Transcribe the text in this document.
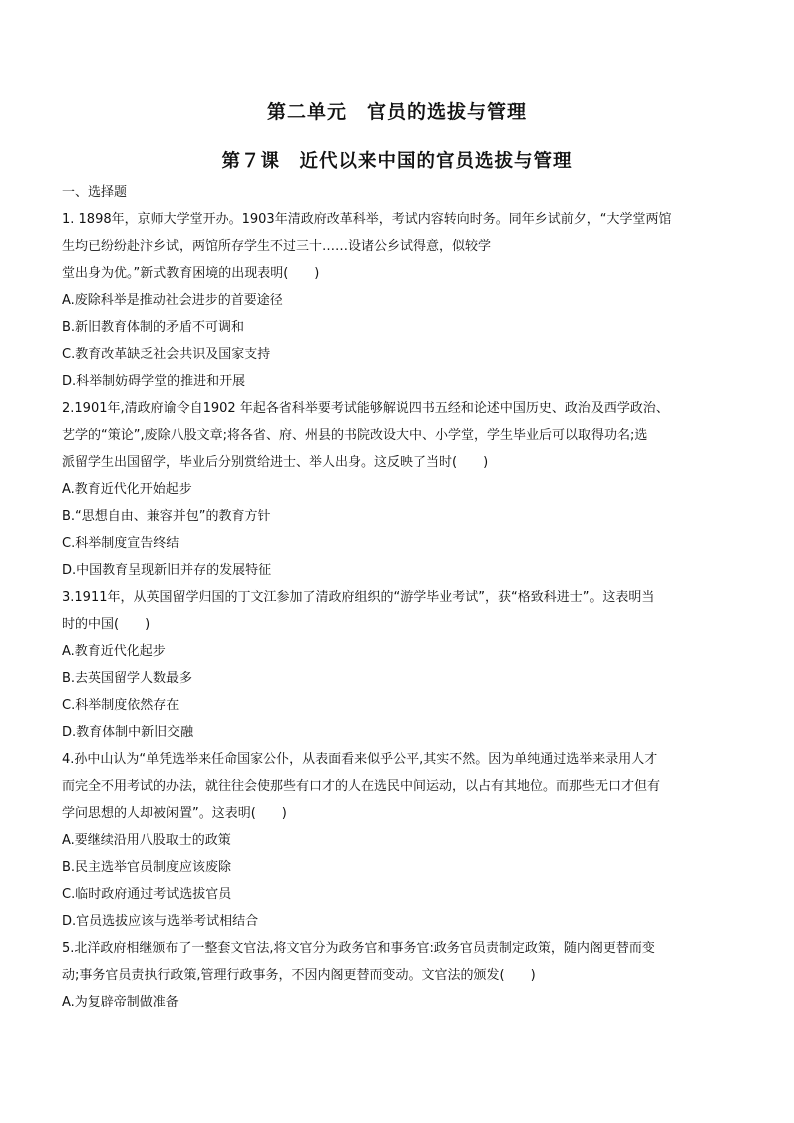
第二单元　官员的选拔与管理
第７课　近代以来中国的官员选拔与管理
一、选择题
1. 1898年，京师大学堂开办。1903年清政府改革科举，考试内容转向时务。同年乡试前夕，“大学堂两馆
生均已纷纷赴汴乡试，两馆所存学生不过三十……设诸公乡试得意，似较学
堂出身为优。”新式教育困境的出现表明(　　)
A.废除科举是推动社会进步的首要途径
B.新旧教育体制的矛盾不可调和
C.教育改革缺乏社会共识及国家支持
D.科举制妨碍学堂的推进和开展
2.1901年,清政府谕令自1902 年起各省科举要考试能够解说四书五经和论述中国历史、政治及西学政治、
艺学的“策论”,废除八股文章;将各省、府、州县的书院改设大中、小学堂，学生毕业后可以取得功名;选
派留学生出国留学，毕业后分别赏给进士、举人出身。这反映了当时(　　)
A.教育近代化开始起步
B.“思想自由、兼容并包”的教育方针
C.科举制度宣告终结
D.中国教育呈现新旧并存的发展特征
3.1911年，从英国留学归国的丁文江参加了清政府组织的“游学毕业考试”，获“格致科进士”。这表明当
时的中国(　　)
A.教育近代化起步
B.去英国留学人数最多
C.科举制度依然存在
D.教育体制中新旧交融
4.孙中山认为“单凭选举来任命国家公仆，从表面看来似乎公平,其实不然。因为单纯通过选举来录用人才
而完全不用考试的办法，就往往会使那些有口才的人在选民中间运动，以占有其地位。而那些无口才但有
学问思想的人却被闲置”。这表明(　　)
A.要继续沿用八股取士的政策
B.民主选举官员制度应该废除
C.临时政府通过考试选拔官员
D.官员选拔应该与选举考试相结合
5.北洋政府相继颁布了一整套文官法,将文官分为政务官和事务官:政务官员责制定政策，随内阁更替而变
动;事务官员责执行政策,管理行政事务，不因内阁更替而变动。文官法的颁发(　　)
A.为复辟帝制做准备
